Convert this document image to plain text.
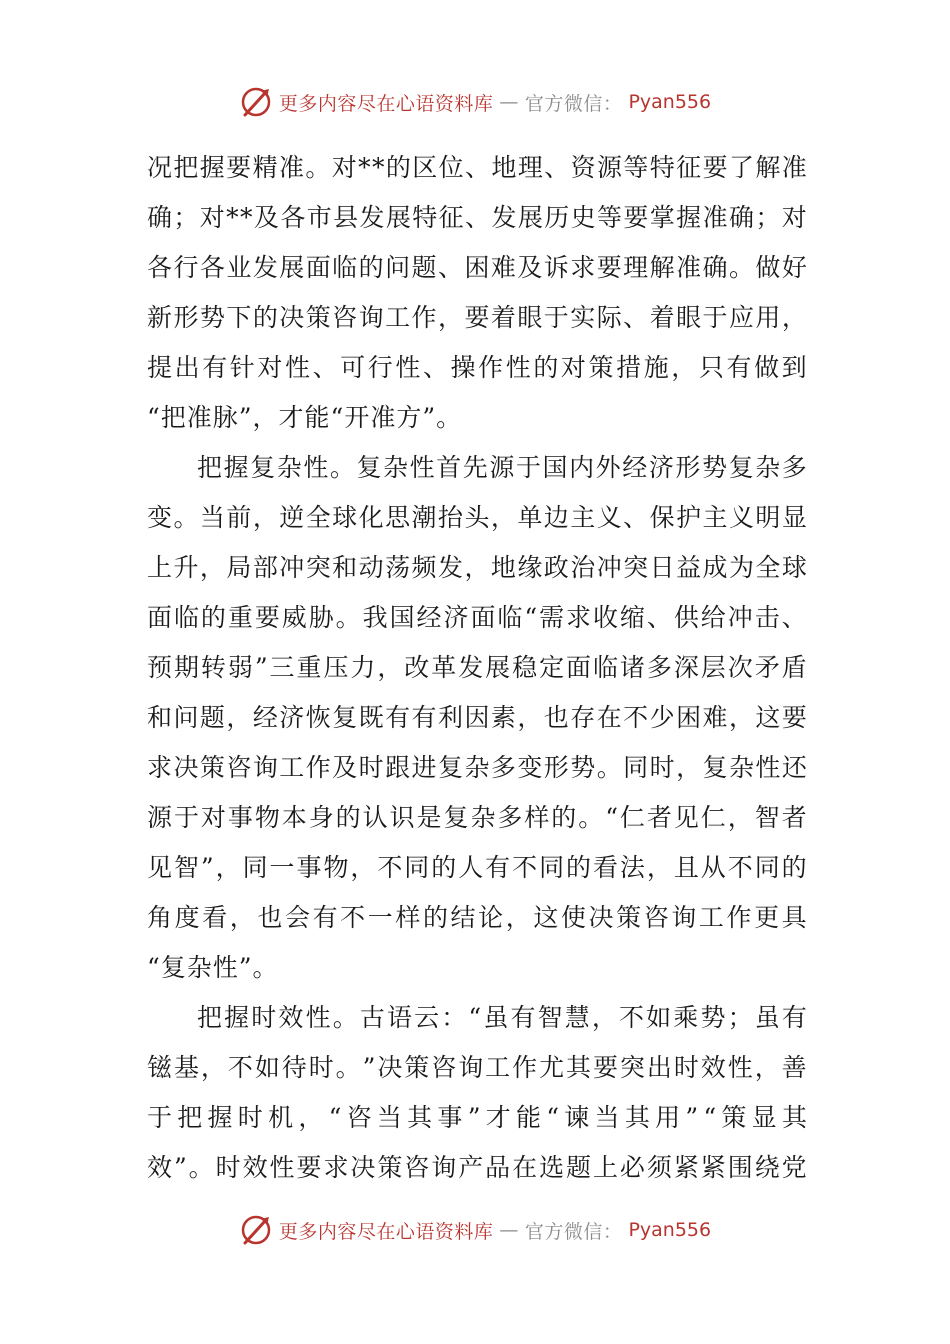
更多内容尽在心语资料库 — 官方微信： Pyan556
况 把 握 要 精 准 。 对 * * 的 区 位 、 地 理 、 资 源 等 特 征 要 了 解 准
确 ； 对 * * 及 各 市 县 发 展 特 征 、 发 展 历 史 等 要 掌 握 准 确 ； 对
各 行 各 业 发 展 面 临 的 问 题 、 困 难 及 诉 求 要 理 解 准 确 。 做 好
新 形 势 下 的 决 策 咨 询 工 作 ， 要 着 眼 于 实 际 、 着 眼 于 应 用 ，
提 出 有 针 对 性 、 可 行 性 、 操 作 性 的 对 策 措 施 ， 只 有 做 到
“把准脉”，才能“开准方”。
把 握 复 杂 性 。 复 杂 性 首 先 源 于 国 内 外 经 济 形 势 复 杂 多
变 。 当 前 ， 逆 全 球 化 思 潮 抬 头 ， 单 边 主 义 、 保 护 主 义 明 显
上 升 ， 局 部 冲 突 和 动 荡 频 发 ， 地 缘 政 治 冲 突 日 益 成 为 全 球
面 临 的 重 要 威 胁 。 我 国 经 济 面 临 “ 需 求 收 缩 、 供 给 冲 击 、
预 期 转 弱 ” 三 重 压 力 ， 改 革 发 展 稳 定 面 临 诸 多 深 层 次 矛 盾
和 问 题 ， 经 济 恢 复 既 有 有 利 因 素 ， 也 存 在 不 少 困 难 ， 这 要
求 决 策 咨 询 工 作 及 时 跟 进 复 杂 多 变 形 势 。 同 时 ， 复 杂 性 还
源 于 对 事 物 本 身 的 认 识 是 复 杂 多 样 的 。 “ 仁 者 见 仁 ， 智 者
见 智 ” ， 同 一 事 物 ， 不 同 的 人 有 不 同 的 看 法 ， 且 从 不 同 的
角 度 看 ， 也 会 有 不 一 样 的 结 论 ， 这 使 决 策 咨 询 工 作 更 具
“复杂性”。
把 握 时 效 性 。 古 语 云 ： “ 虽 有 智 慧 ， 不 如 乘 势 ； 虽 有
镃 基 ， 不 如 待 时 。 ” 决 策 咨 询 工 作 尤 其 要 突 出 时 效 性 ， 善
于 把 握 时 机 ， “ 咨 当 其 事 ” 才 能 “ 谏 当 其 用 ” “ 策 显 其
效 ” 。 时 效 性 要 求 决 策 咨 询 产 品 在 选 题 上 必 须 紧 紧 围 绕 党
更多内容尽在心语资料库 — 官方微信： Pyan556
